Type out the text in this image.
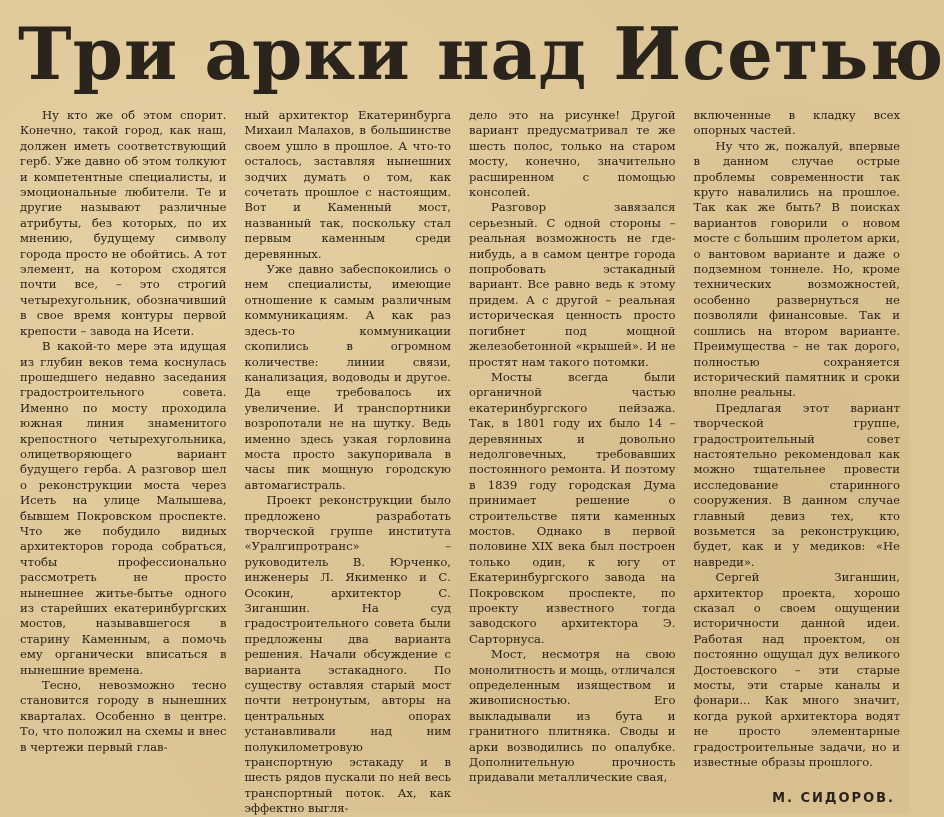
Три арки над Исетью

Ну кто же об этом спорит. Конечно, такой город, как наш, должен иметь соответствующий герб. Уже давно об этом толкуют и компетентные специалисты, и эмоциональные любители. Те и другие называют различные атрибуты, без которых, по их мнению, будущему символу города просто не обойтись. А тот элемент, на котором сходятся почти все, – это строгий четырехугольник, обозначивший в свое время контуры первой крепости – завода на Исети.

В какой-то мере эта идущая из глубин веков тема коснулась прошедшего недавно заседания градостроительного совета. Именно по мосту проходила южная линия знаменитого крепостного четырехугольника, олицетворяющего вариант будущего герба. А разговор шел о реконструкции моста через Исеть на улице Малышева, бывшем Покровском проспекте. Что же побудило видных архитекторов города собраться, чтобы профессионально рассмотреть не просто нынешнее житье-бытье одного из старейших екатеринбургских мостов, называвшегося в старину Каменным, а помочь ему органически вписаться в нынешние времена.

Тесно, невозможно тесно становится городу в нынешних кварталах. Особенно в центре. То, что положил на схемы и внес в чертежи первый глав-

ный архитектор Екатеринбурга Михаил Малахов, в большинстве своем ушло в прошлое. А что-то осталось, заставляя нынешних зодчих думать о том, как сочетать прошлое с настоящим. Вот и Каменный мост, названный так, поскольку стал первым каменным среди деревянных.

Уже давно забеспокоились о нем специалисты, имеющие отношение к самым различным коммуникациям. А как раз здесь-то коммуникации скопились в огромном количестве: линии связи, канализация, водоводы и другое. Да еще требовалось их увеличение. И транспортники возропотали не на шутку. Ведь именно здесь узкая горловина моста просто закупоривала в часы пик мощную городскую автомагистраль.

Проект реконструкции было предложено разработать творческой группе института «Уралгипротранс» – руководитель В. Юрченко, инженеры Л. Якименко и С. Осокин, архитектор С. Зиганшин. На суд градостроительного совета были предложены два варианта решения. Начали обсуждение с варианта эстакадного. По существу оставляя старый мост почти нетронутым, авторы на центральных опорах устанавливали над ним полукилометровую транспортную эстакаду и в шесть рядов пускали по ней весь транспортный поток. Ах, как эффектно выгля-

дело это на рисунке! Другой вариант предусматривал те же шесть полос, только на старом мосту, конечно, значительно расширенном с помощью консолей.

Разговор завязался серьезный. С одной стороны – реальная возможность не где-нибудь, а в самом центре города попробовать эстакадный вариант. Все равно ведь к этому придем. А с другой – реальная историческая ценность просто погибнет под мощной железобетонной «крышей». И не простят нам такого потомки.

Мосты всегда были органичной частью екатеринбургского пейзажа. Так, в 1801 году их было 14 – деревянных и довольно недолговечных, требовавших постоянного ремонта. И поэтому в 1839 году городская Дума принимает решение о строительстве пяти каменных мостов. Однако в первой половине XIX века был построен только один, к югу от Екатеринбургского завода на Покровском проспекте, по проекту известного тогда заводского архитектора Э. Сарторнуса.

Мост, несмотря на свою монолитность и мощь, отличался определенным изяществом и живописностью. Его выкладывали из бута и гранитного плитняка. Своды и арки возводились по опалубке. Дополнительную прочность придавали металлические свая,

включенные в кладку всех опорных частей.

Ну что ж, пожалуй, впервые в данном случае острые проблемы современности так круто навалились на прошлое. Так как же быть? В поисках вариантов говорили о новом мосте с большим пролетом арки, о вантовом варианте и даже о подземном тоннеле. Но, кроме технических возможностей, особенно развернуться не позволяли финансовые. Так и сошлись на втором варианте. Преимущества – не так дорого, полностью сохраняется исторический памятник и сроки вполне реальны.

Предлагая этот вариант творческой группе, градостроительный совет настоятельно рекомендовал как можно тщательнее провести исследование старинного сооружения. В данном случае главный девиз тех, кто возьмется за реконструкцию, будет, как и у медиков: «Не навреди».

Сергей Зиганшин, архитектор проекта, хорошо сказал о своем ощущении историчности данной идеи. Работая над проектом, он постоянно ощущал дух великого Достоевского – эти старые мосты, эти старые каналы и фонари... Как много значит, когда рукой архитектора водят не просто элементарные градостроительные задачи, но и известные образы прошлого.

М. СИДОРОВ.
